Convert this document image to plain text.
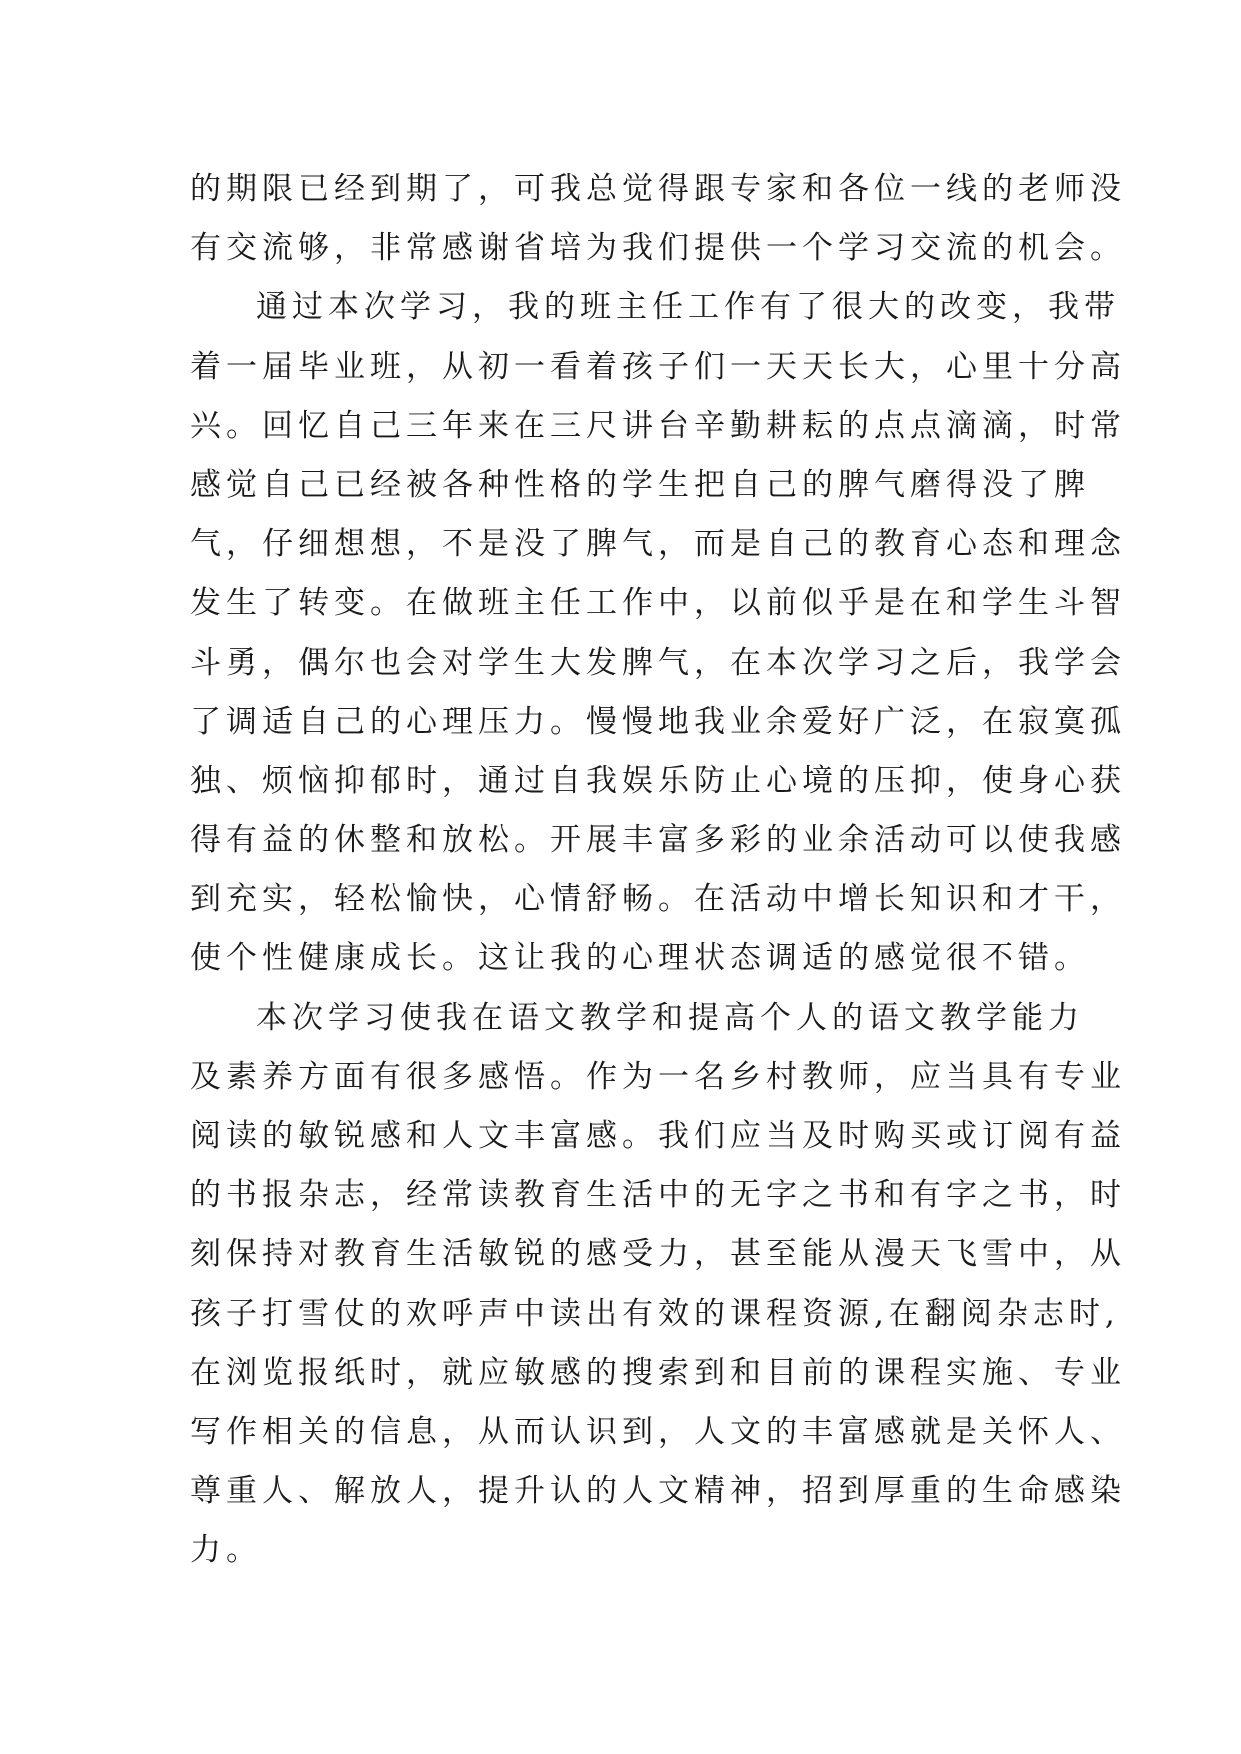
的期限已经到期了，可我总觉得跟专家和各位一线的老师没
有交流够，非常感谢省培为我们提供一个学习交流的机会。
通过本次学习，我的班主任工作有了很大的改变，我带
着一届毕业班，从初一看着孩子们一天天长大，心里十分高
兴。回忆自己三年来在三尺讲台辛勤耕耘的点点滴滴，时常
感觉自己已经被各种性格的学生把自己的脾气磨得没了脾
气，仔细想想，不是没了脾气，而是自己的教育心态和理念
发生了转变。在做班主任工作中，以前似乎是在和学生斗智
斗勇，偶尔也会对学生大发脾气，在本次学习之后，我学会
了调适自己的心理压力。慢慢地我业余爱好广泛，在寂寞孤
独、烦恼抑郁时，通过自我娱乐防止心境的压抑，使身心获
得有益的休整和放松。开展丰富多彩的业余活动可以使我感
到充实，轻松愉快，心情舒畅。在活动中增长知识和才干，
使个性健康成长。这让我的心理状态调适的感觉很不错。
本次学习使我在语文教学和提高个人的语文教学能力
及素养方面有很多感悟。作为一名乡村教师，应当具有专业
阅读的敏锐感和人文丰富感。我们应当及时购买或订阅有益
的书报杂志，经常读教育生活中的无字之书和有字之书，时
刻保持对教育生活敏锐的感受力，甚至能从漫天飞雪中，从
孩子打雪仗的欢呼声中读出有效的课程资源,在翻阅杂志时,
在浏览报纸时，就应敏感的搜索到和目前的课程实施、专业
写作相关的信息，从而认识到，人文的丰富感就是关怀人、
尊重人、解放人，提升认的人文精神，招到厚重的生命感染
力。
